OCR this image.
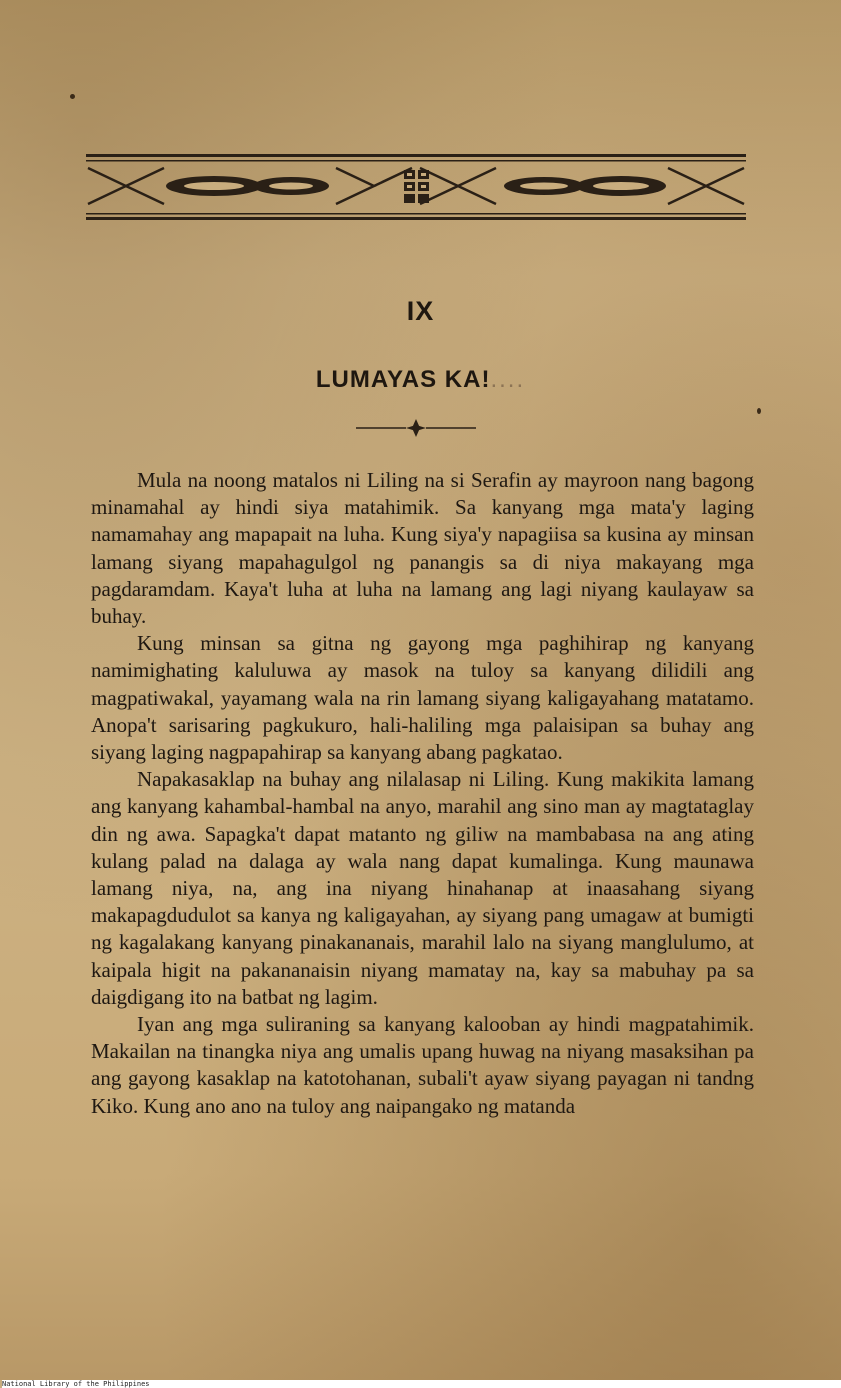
IX
LUMAYAS KA!....

Mula na noong matalos ni Liling na si Serafin ay mayroon nang bagong minamahal ay hindi siya matahimik. Sa kanyang mga mata'y laging namamahay ang mapapait na luha. Kung siya'y napagiisa sa kusina ay minsan lamang siyang mapahagulgol ng panangis sa di niya makayang mga pagdaramdam. Kaya't luha at luha na lamang ang lagi niyang kaulayaw sa buhay.

Kung minsan sa gitna ng gayong mga paghihirap ng kanyang namimighating kaluluwa ay masok na tuloy sa kanyang dilidili ang magpatiwakal, yayamang wala na rin lamang siyang kaligayahang matatamo. Anopa't sarisaring pagkukuro, hali-haliling mga palaisipan sa buhay ang siyang laging nagpapahirap sa kanyang abang pagkatao.

Napakasaklap na buhay ang nilalasap ni Liling. Kung makikita lamang ang kanyang kahambal-hambal na anyo, marahil ang sino man ay magtataglay din ng awa. Sapagka't dapat matanto ng giliw na mambabasa na ang ating kulang palad na dalaga ay wala nang dapat kumalinga. Kung maunawa lamang niya, na, ang ina niyang hinahanap at inaasahang siyang makapagdudulot sa kanya ng kaligayahan, ay siyang pang umagaw at bumigti ng kagalakang kanyang pinakananais, marahil lalo na siyang manglulumo, at kaipala higit na pakananaisin niyang mamatay na, kay sa mabuhay pa sa daigdigang ito na batbat ng lagim.

Iyan ang mga suliraning sa kanyang kalooban ay hindi magpatahimik. Makailan na tinangka niya ang umalis upang huwag na niyang masaksihan pa ang gayong kasaklap na katotohanan, subali't ayaw siyang payagan ni tandng Kiko. Kung ano ano na tuloy ang naipangako ng matanda

National Library of the Philippines
